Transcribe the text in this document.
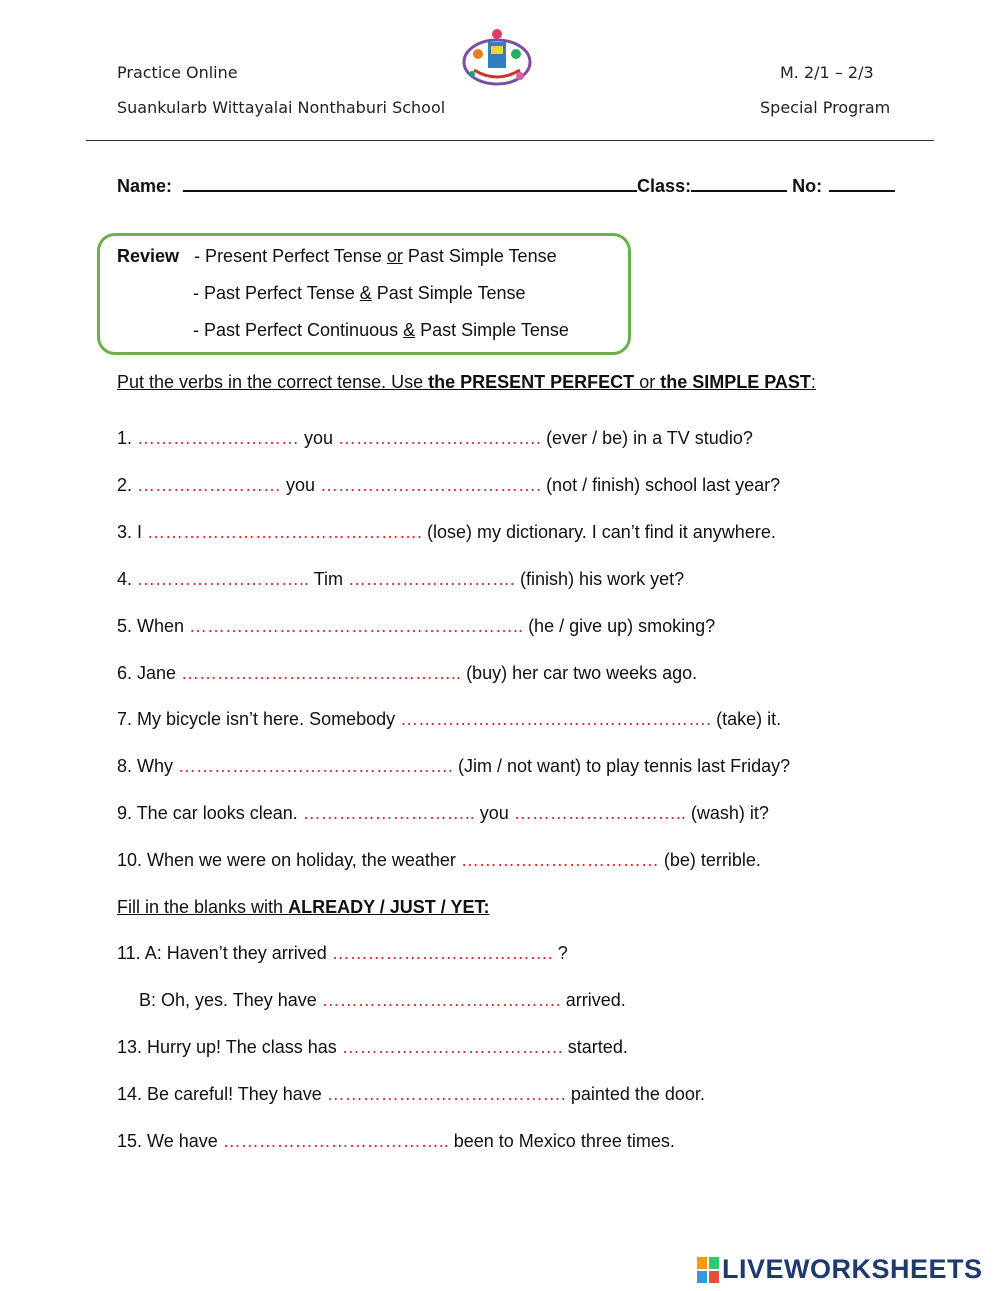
Practice Online
Suankularb Wittayalai Nonthaburi School
M. 2/1 – 2/3
Special Program
Name:	Class:	No:
Review - Present Perfect Tense or Past Simple Tense
- Past Perfect Tense & Past Simple Tense
- Past Perfect Continuous & Past Simple Tense
Put the verbs in the correct tense. Use the PRESENT PERFECT or the SIMPLE PAST:
1. ……………………… you ……………………………. (ever / be) in a TV studio?
2. …………………… you ………………………………. (not / finish) school last year?
3. I ………………………………………. (lose) my dictionary. I can’t find it anywhere.
4. ……………………….. Tim ………………………. (finish) his work yet?
5. When ……………………………………………….. (he / give up) smoking?
6. Jane ……………………………………….. (buy) her car two weeks ago.
7. My bicycle isn’t here. Somebody ……………………………………………. (take) it.
8. Why ………………………………………. (Jim / not want) to play tennis last Friday?
9. The car looks clean. ……………………….. you ……………………….. (wash) it?
10. When we were on holiday, the weather …………………………… (be) terrible.
Fill in the blanks with ALREADY / JUST / YET:
11. A: Haven’t they arrived ………………………………. ?
B: Oh, yes. They have …………………………………. arrived.
13. Hurry up! The class has ………………………………. started.
14. Be careful! They have …………………………………. painted the door.
15. We have ……………………………….. been to Mexico three times.
LIVEWORKSHEETS
